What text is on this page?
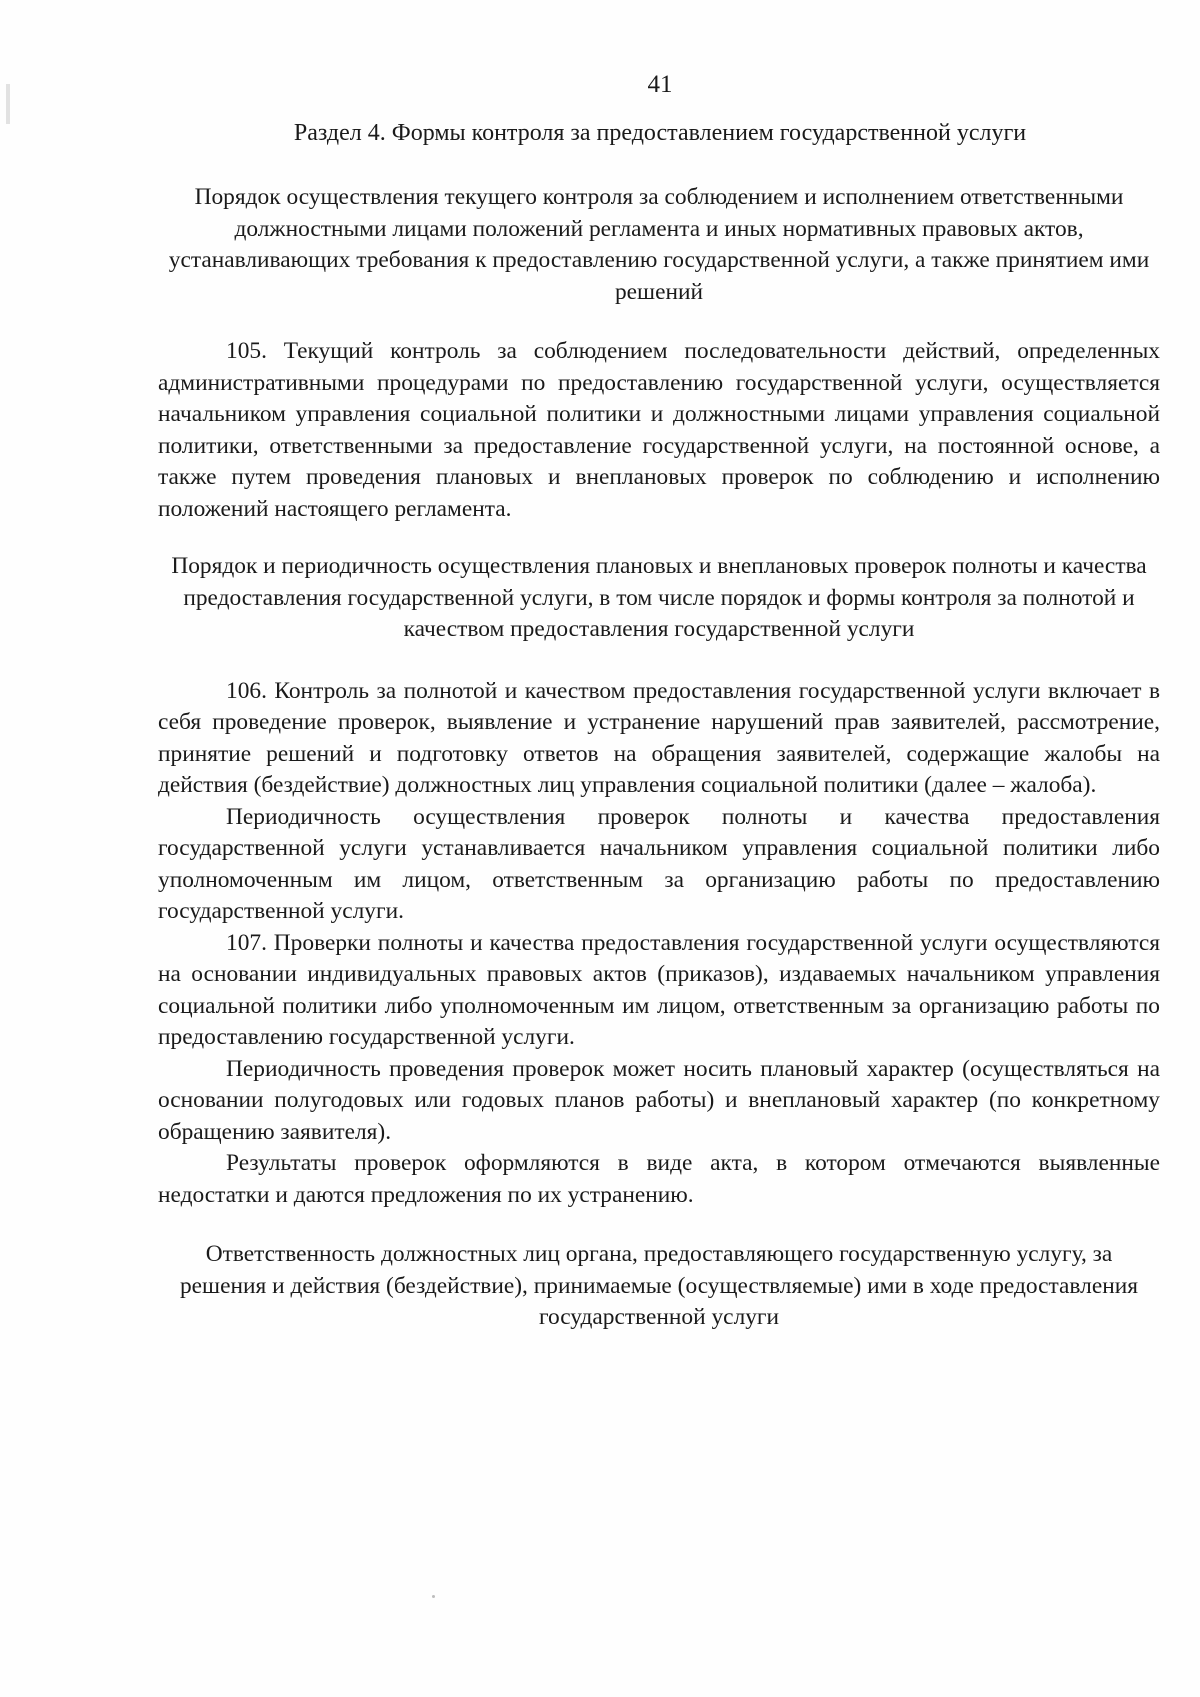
41
Раздел 4. Формы контроля за предоставлением государственной услуги

Порядок осуществления текущего контроля за соблюдением и исполнением ответственными должностными лицами положений регламента и иных нормативных правовых актов, устанавливающих требования к предоставлению государственной услуги, а также принятием ими решений

105. Текущий контроль за соблюдением последовательности действий, определенных административными процедурами по предоставлению государственной услуги, осуществляется начальником управления социальной политики и должностными лицами управления социальной политики, ответственными за предоставление государственной услуги, на постоянной основе, а также путем проведения плановых и внеплановых проверок по соблюдению и исполнению положений настоящего регламента.

Порядок и периодичность осуществления плановых и внеплановых проверок полноты и качества предоставления государственной услуги, в том числе порядок и формы контроля за полнотой и качеством предоставления государственной услуги

106. Контроль за полнотой и качеством предоставления государственной услуги включает в себя проведение проверок, выявление и устранение нарушений прав заявителей, рассмотрение, принятие решений и подготовку ответов на обращения заявителей, содержащие жалобы на действия (бездействие) должностных лиц управления социальной политики (далее – жалоба).

Периодичность осуществления проверок полноты и качества предоставления государственной услуги устанавливается начальником управления социальной политики либо уполномоченным им лицом, ответственным за организацию работы по предоставлению государственной услуги.

107. Проверки полноты и качества предоставления государственной услуги осуществляются на основании индивидуальных правовых актов (приказов), издаваемых начальником управления социальной политики либо уполномоченным им лицом, ответственным за организацию работы по предоставлению государственной услуги.

Периодичность проведения проверок может носить плановый характер (осуществляться на основании полугодовых или годовых планов работы) и внеплановый характер (по конкретному обращению заявителя).

Результаты проверок оформляются в виде акта, в котором отмечаются выявленные недостатки и даются предложения по их устранению.

Ответственность должностных лиц органа, предоставляющего государственную услугу, за решения и действия (бездействие), принимаемые (осуществляемые) ими в ходе предоставления государственной услуги
